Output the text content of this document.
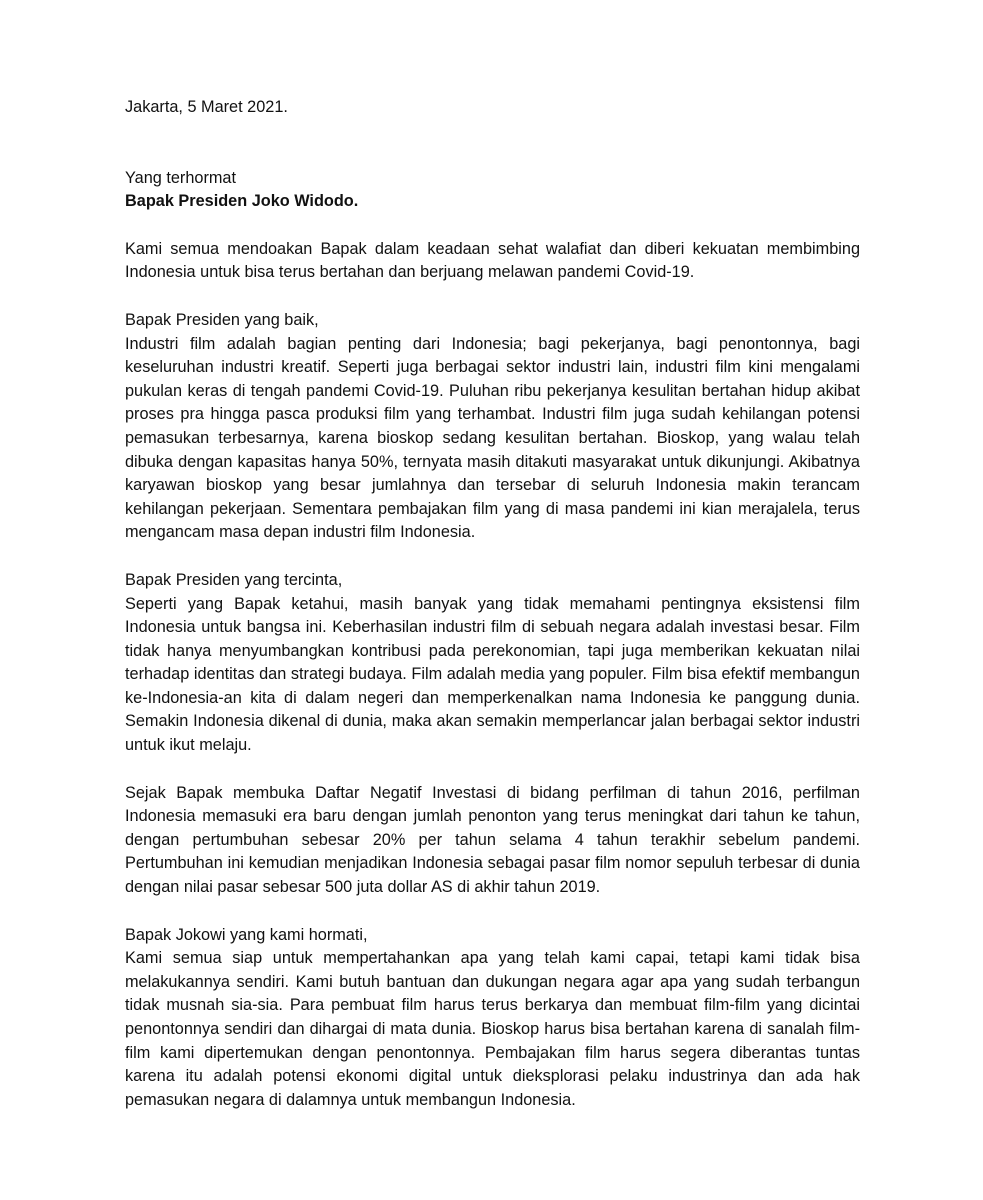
Jakarta, 5 Maret 2021.

Yang terhormat

Bapak Presiden Joko Widodo.

Kami semua mendoakan Bapak dalam keadaan sehat walafiat dan diberi kekuatan membimbing Indonesia untuk bisa terus bertahan dan berjuang melawan pandemi Covid-19.

Bapak Presiden yang baik,

Industri film adalah bagian penting dari Indonesia; bagi pekerjanya, bagi penontonnya, bagi keseluruhan industri kreatif. Seperti juga berbagai sektor industri lain, industri film kini mengalami pukulan keras di tengah pandemi Covid-19. Puluhan ribu pekerjanya kesulitan bertahan hidup akibat proses pra hingga pasca produksi film yang terhambat. Industri film juga sudah kehilangan potensi pemasukan terbesarnya, karena bioskop sedang kesulitan bertahan. Bioskop, yang walau telah dibuka dengan kapasitas hanya 50%, ternyata masih ditakuti masyarakat untuk dikunjungi. Akibatnya karyawan bioskop yang besar jumlahnya dan tersebar di seluruh Indonesia makin terancam kehilangan pekerjaan. Sementara pembajakan film yang di masa pandemi ini kian merajalela, terus mengancam masa depan industri film Indonesia.

Bapak Presiden yang tercinta,

Seperti yang Bapak ketahui, masih banyak yang tidak memahami pentingnya eksistensi film Indonesia untuk bangsa ini. Keberhasilan industri film di sebuah negara adalah investasi besar. Film tidak hanya menyumbangkan kontribusi pada perekonomian, tapi juga memberikan kekuatan nilai terhadap identitas dan strategi budaya. Film adalah media yang populer. Film bisa efektif membangun ke-Indonesia-an kita di dalam negeri dan memperkenalkan nama Indonesia ke panggung dunia. Semakin Indonesia dikenal di dunia, maka akan semakin memperlancar jalan berbagai sektor industri untuk ikut melaju.

Sejak Bapak membuka Daftar Negatif Investasi di bidang perfilman di tahun 2016, perfilman Indonesia memasuki era baru dengan jumlah penonton yang terus meningkat dari tahun ke tahun, dengan pertumbuhan sebesar 20% per tahun selama 4 tahun terakhir sebelum pandemi. Pertumbuhan ini kemudian menjadikan Indonesia sebagai pasar film nomor sepuluh terbesar di dunia dengan nilai pasar sebesar 500 juta dollar AS di akhir tahun 2019.

Bapak Jokowi yang kami hormati,

Kami semua siap untuk mempertahankan apa yang telah kami capai, tetapi kami tidak bisa melakukannya sendiri. Kami butuh bantuan dan dukungan negara agar apa yang sudah terbangun tidak musnah sia-sia. Para pembuat film harus terus berkarya dan membuat film-film yang dicintai penontonnya sendiri dan dihargai di mata dunia. Bioskop harus bisa bertahan karena di sanalah film-film kami dipertemukan dengan penontonnya. Pembajakan film harus segera diberantas tuntas karena itu adalah potensi ekonomi digital untuk dieksplorasi pelaku industrinya dan ada hak pemasukan negara di dalamnya untuk membangun Indonesia.
